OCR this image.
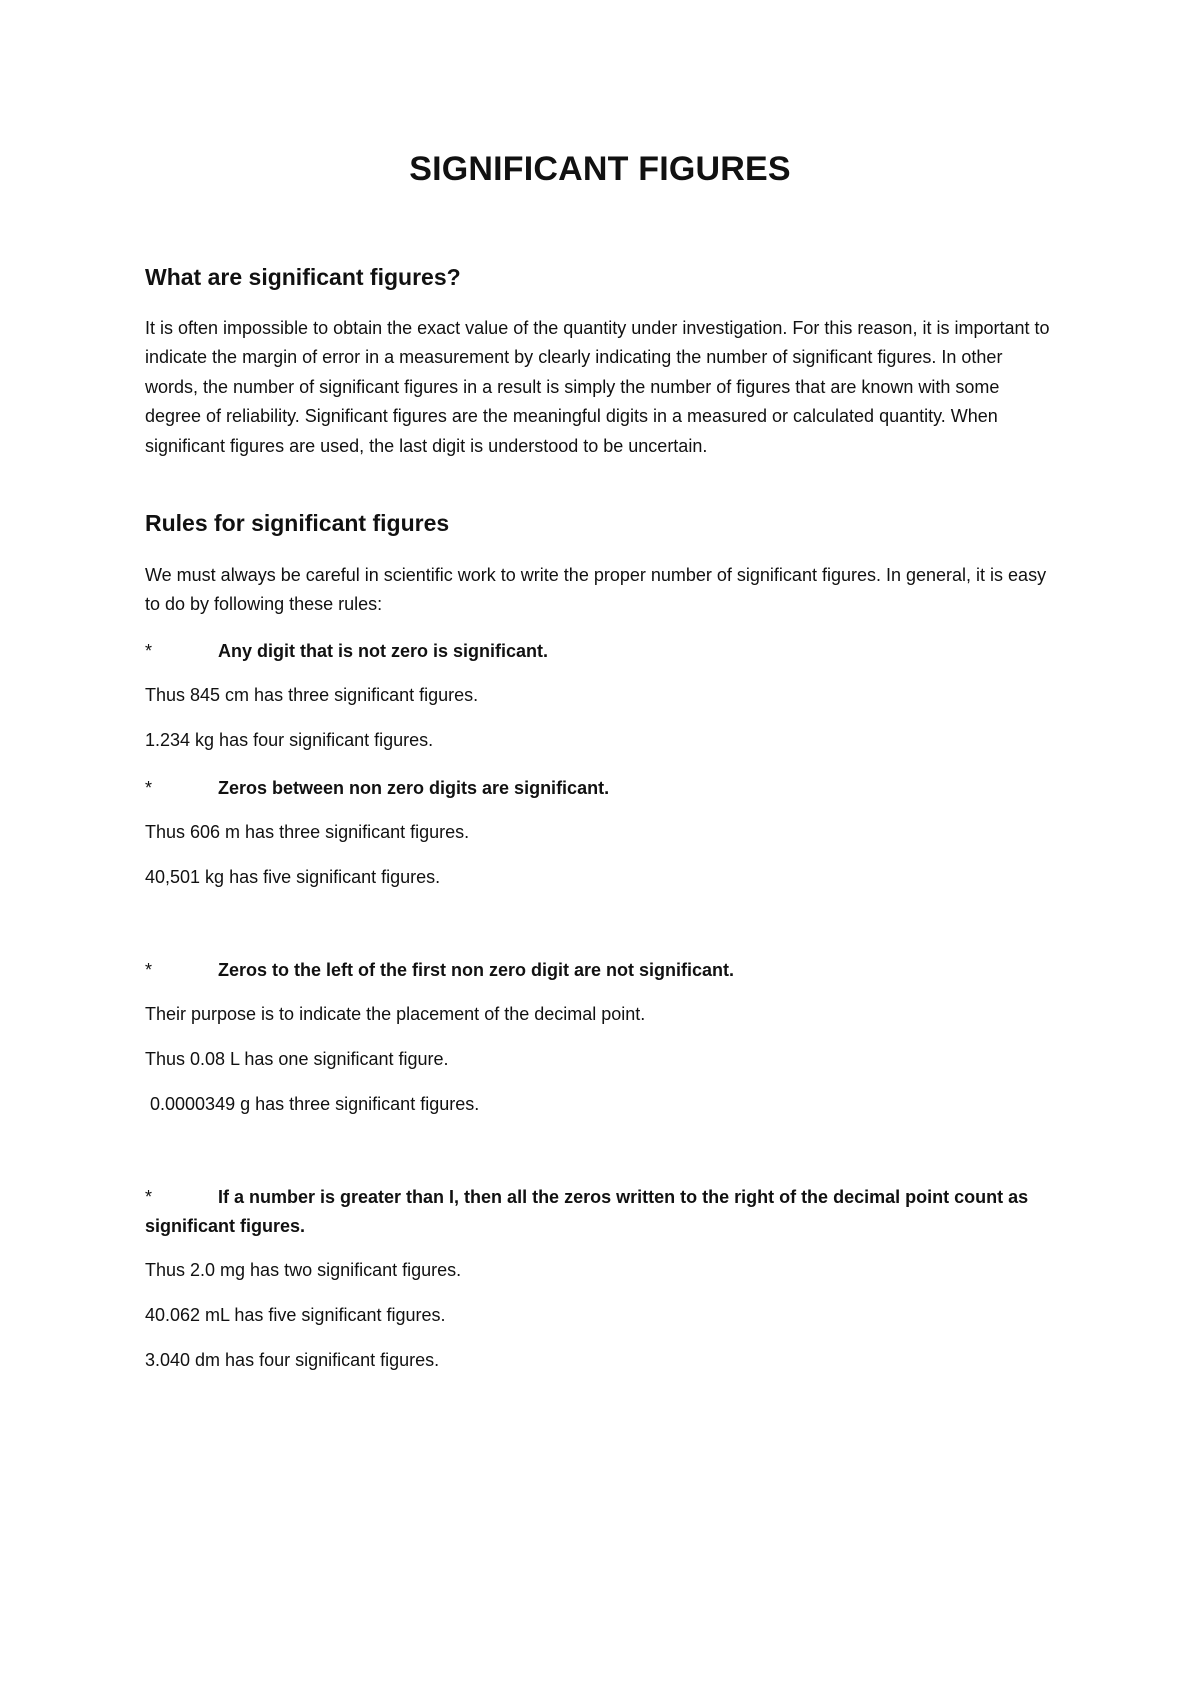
SIGNIFICANT FIGURES
What are significant figures?
It is often impossible to obtain the exact value of the quantity under investigation. For this reason, it is important to indicate the margin of error in a measurement by clearly indicating the number of significant figures. In other words, the number of significant figures in a result is simply the number of figures that are known with some degree of reliability. Significant figures are the meaningful digits in a measured or calculated quantity. When significant figures are used, the last digit is understood to be uncertain.
Rules for significant figures
We must always be careful in scientific work to write the proper number of significant figures. In general, it is easy to do by following these rules:
*	Any digit that is not zero is significant.
Thus 845 cm has three significant figures.
1.234 kg has four significant figures.
*	Zeros between non zero digits are significant.
Thus 606 m has three significant figures.
40,501 kg has five significant figures.
*	Zeros to the left of the first non zero digit are not significant.
Their purpose is to indicate the placement of the decimal point.
Thus 0.08 L has one significant figure.
0.0000349 g has three significant figures.
*	If a number is greater than I, then all the zeros written to the right of the decimal point count as significant figures.
Thus 2.0 mg has two significant figures.
40.062 mL has five significant figures.
3.040 dm has four significant figures.
